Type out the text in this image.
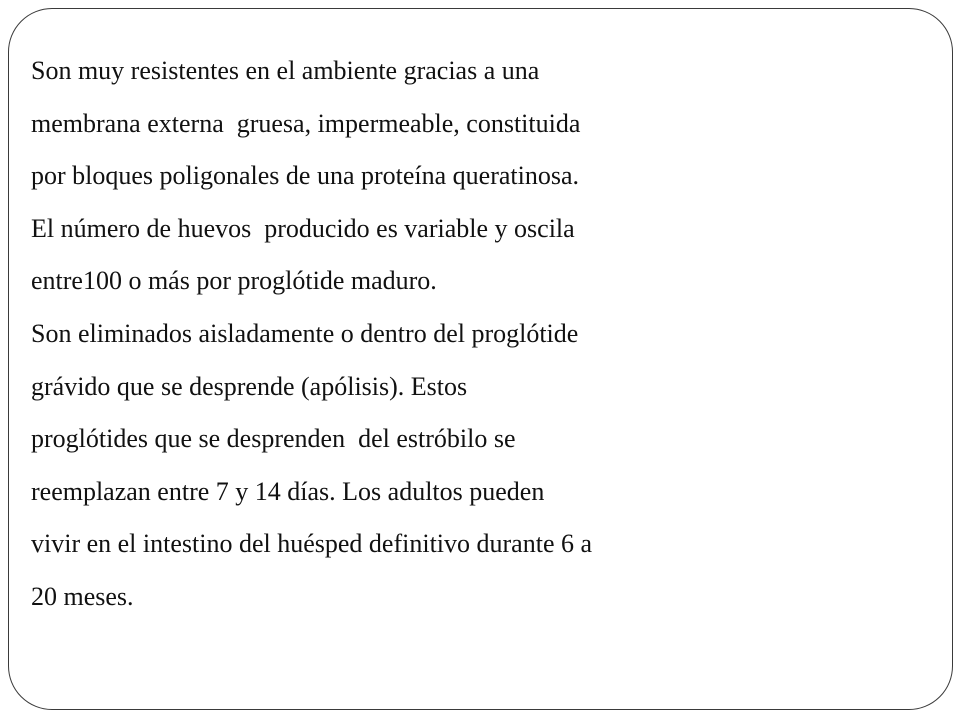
Son muy resistentes en el ambiente gracias a una
membrana externa  gruesa, impermeable, constituida
por bloques poligonales de una proteína queratinosa.
El número de huevos  producido es variable y oscila
entre100 o más por proglótide maduro.
Son eliminados aisladamente o dentro del proglótide
grávido que se desprende (apólisis). Estos
proglótides que se desprenden  del estróbilo se
reemplazan entre 7 y 14 días. Los adultos pueden
vivir en el intestino del huésped definitivo durante 6 a
20 meses.
